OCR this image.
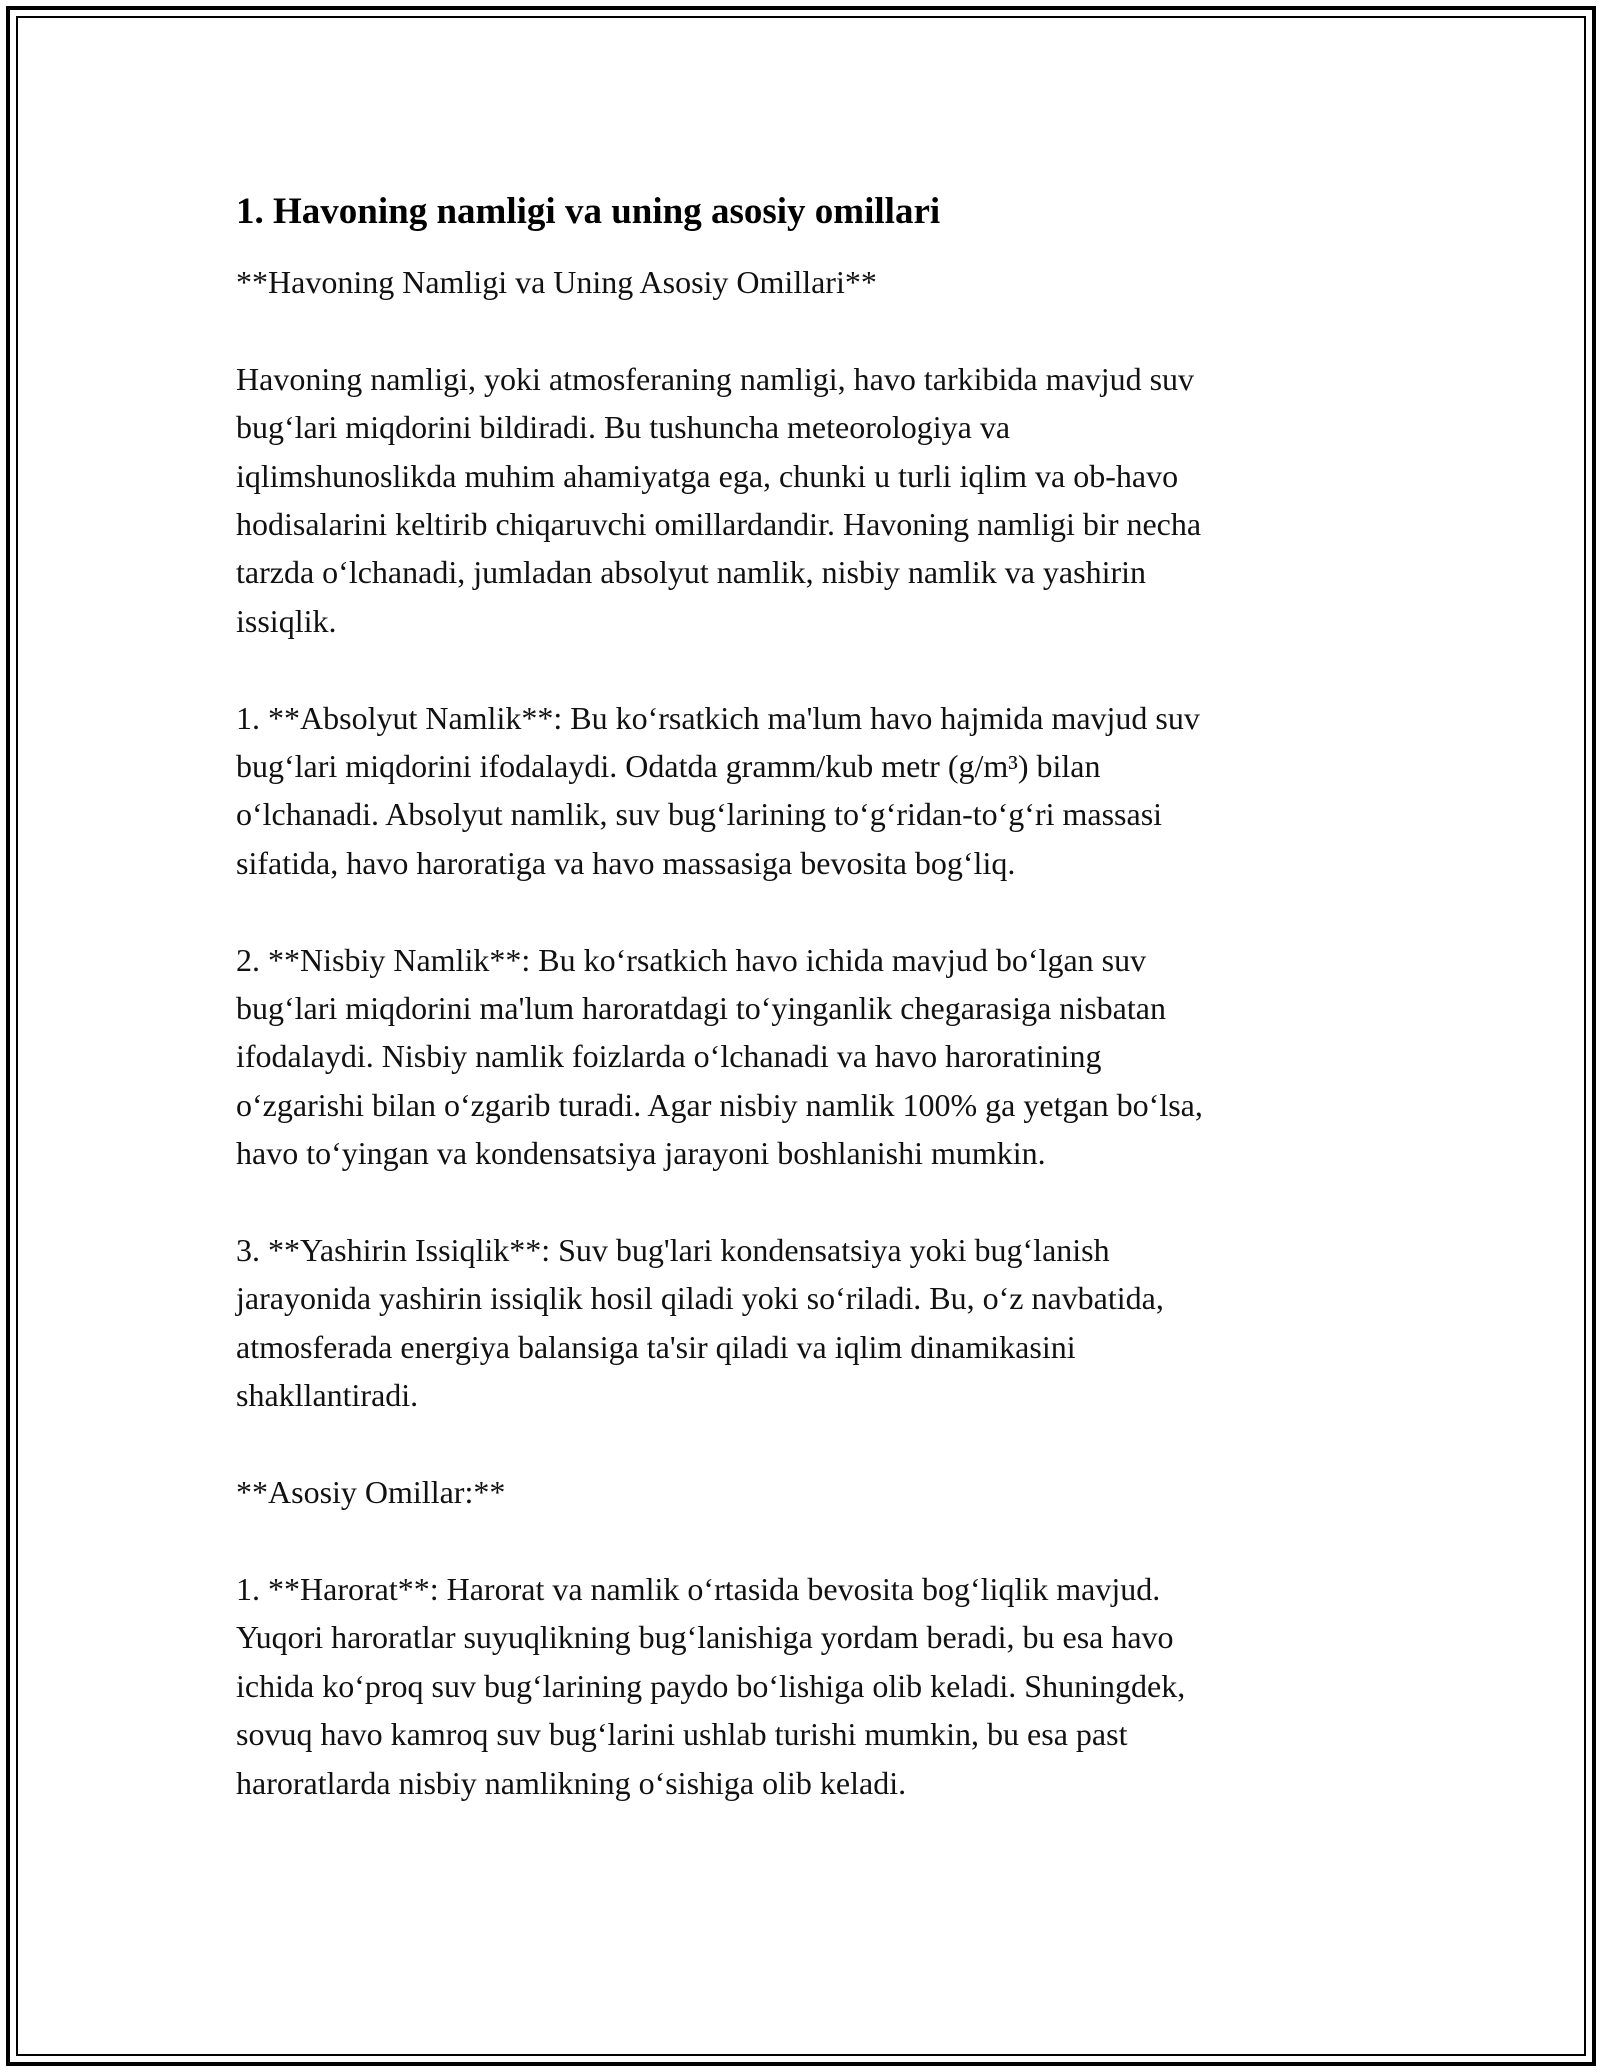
1. Havoning namligi va uning asosiy omillari

**Havoning Namligi va Uning Asosiy Omillari**

Havoning namligi, yoki atmosferaning namligi, havo tarkibida mavjud suv
bug‘lari miqdorini bildiradi. Bu tushuncha meteorologiya va
iqlimshunoslikda muhim ahamiyatga ega, chunki u turli iqlim va ob-havo
hodisalarini keltirib chiqaruvchi omillardandir. Havoning namligi bir necha
tarzda o‘lchanadi, jumladan absolyut namlik, nisbiy namlik va yashirin
issiqlik.

1. **Absolyut Namlik**: Bu ko‘rsatkich ma'lum havo hajmida mavjud suv
bug‘lari miqdorini ifodalaydi. Odatda gramm/kub metr (g/m³) bilan
o‘lchanadi. Absolyut namlik, suv bug‘larining to‘g‘ridan-to‘g‘ri massasi
sifatida, havo haroratiga va havo massasiga bevosita bog‘liq.

2. **Nisbiy Namlik**: Bu ko‘rsatkich havo ichida mavjud bo‘lgan suv
bug‘lari miqdorini ma'lum haroratdagi to‘yinganlik chegarasiga nisbatan
ifodalaydi. Nisbiy namlik foizlarda o‘lchanadi va havo haroratining
o‘zgarishi bilan o‘zgarib turadi. Agar nisbiy namlik 100% ga yetgan bo‘lsa,
havo to‘yingan va kondensatsiya jarayoni boshlanishi mumkin.

3. **Yashirin Issiqlik**: Suv bug'lari kondensatsiya yoki bug‘lanish
jarayonida yashirin issiqlik hosil qiladi yoki so‘riladi. Bu, o‘z navbatida,
atmosferada energiya balansiga ta'sir qiladi va iqlim dinamikasini
shakllantiradi.

**Asosiy Omillar:**

1. **Harorat**: Harorat va namlik o‘rtasida bevosita bog‘liqlik mavjud.
Yuqori haroratlar suyuqlikning bug‘lanishiga yordam beradi, bu esa havo
ichida ko‘proq suv bug‘larining paydo bo‘lishiga olib keladi. Shuningdek,
sovuq havo kamroq suv bug‘larini ushlab turishi mumkin, bu esa past
haroratlarda nisbiy namlikning o‘sishiga olib keladi.
